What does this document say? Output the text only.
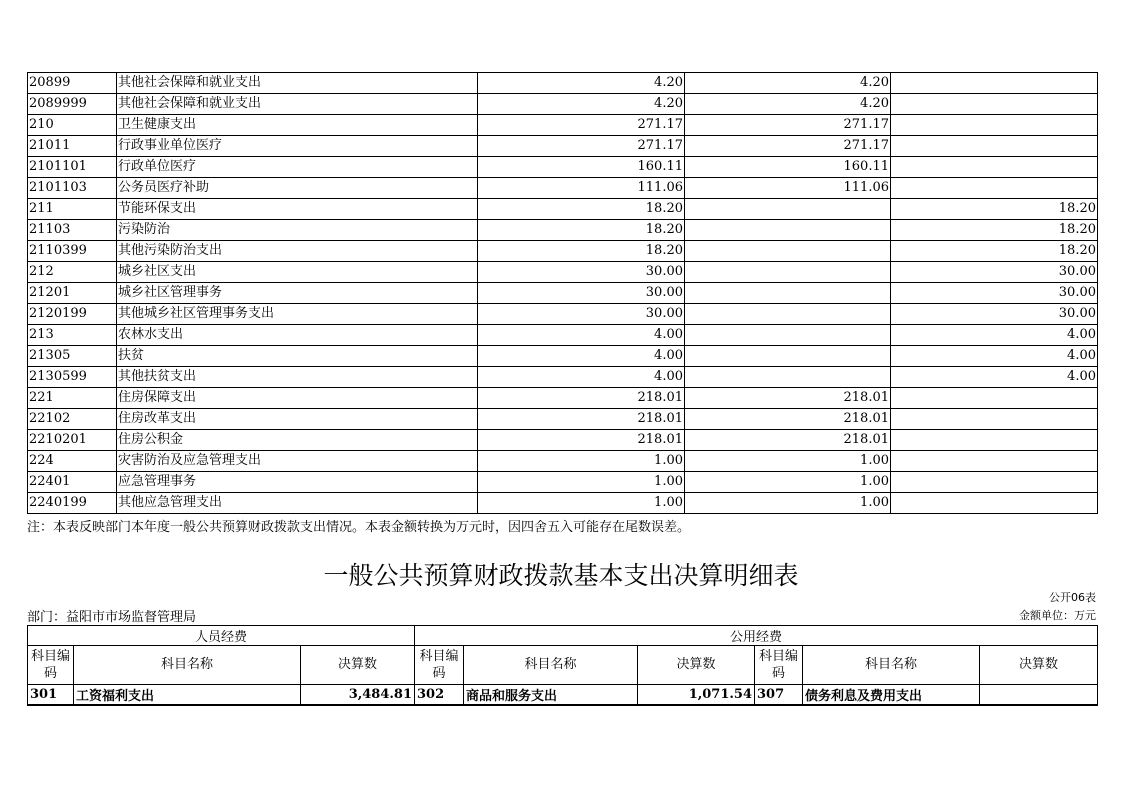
20899	其他社会保障和就业支出	4.20	4.20	
2089999	其他社会保障和就业支出	4.20	4.20	
210	卫生健康支出	271.17	271.17	
21011	行政事业单位医疗	271.17	271.17	
2101101	行政单位医疗	160.11	160.11	
2101103	公务员医疗补助	111.06	111.06	
211	节能环保支出	18.20		18.20
21103	污染防治	18.20		18.20
2110399	其他污染防治支出	18.20		18.20
212	城乡社区支出	30.00		30.00
21201	城乡社区管理事务	30.00		30.00
2120199	其他城乡社区管理事务支出	30.00		30.00
213	农林水支出	4.00		4.00
21305	扶贫	4.00		4.00
2130599	其他扶贫支出	4.00		4.00
221	住房保障支出	218.01	218.01	
22102	住房改革支出	218.01	218.01	
2210201	住房公积金	218.01	218.01	
224	灾害防治及应急管理支出	1.00	1.00	
22401	应急管理事务	1.00	1.00	
2240199	其他应急管理支出	1.00	1.00	
注：本表反映部门本年度一般公共预算财政拨款支出情况。本表金额转换为万元时，因四舍五入可能存在尾数误差。
一般公共预算财政拨款基本支出决算明细表
公开06表
部门：益阳市市场监督管理局	金额单位：万元
人员经费			公用经费					
科目编码	科目名称	决算数	科目编码	科目名称	决算数	科目编码	科目名称	决算数
301	工资福利支出	3,484.81	302	商品和服务支出	1,071.54	307	债务利息及费用支出	
